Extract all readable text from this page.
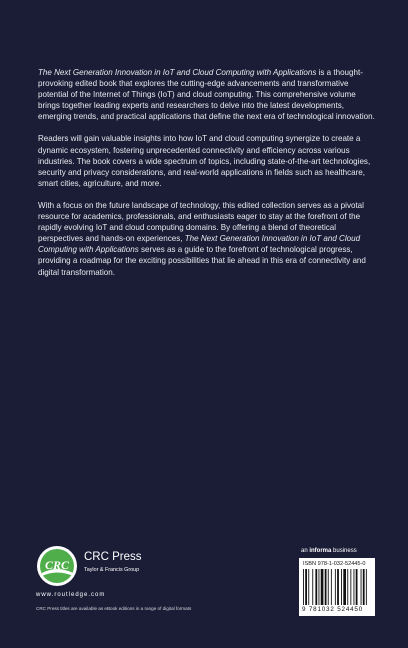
The Next Generation Innovation in IoT and Cloud Computing with Applications is a thought-provoking edited book that explores the cutting-edge advancements and transformative potential of the Internet of Things (IoT) and cloud computing. This comprehensive volume brings together leading experts and researchers to delve into the latest developments, emerging trends, and practical applications that define the next era of technological innovation.

Readers will gain valuable insights into how IoT and cloud computing synergize to create a dynamic ecosystem, fostering unprecedented connectivity and efficiency across various industries. The book covers a wide spectrum of topics, including state-of-the-art technologies, security and privacy considerations, and real-world applications in fields such as healthcare, smart cities, agriculture, and more.

With a focus on the future landscape of technology, this edited collection serves as a pivotal resource for academics, professionals, and enthusiasts eager to stay at the forefront of the rapidly evolving IoT and cloud computing domains. By offering a blend of theoretical perspectives and hands-on experiences, The Next Generation Innovation in IoT and Cloud Computing with Applications serves as a guide to the forefront of technological progress, providing a roadmap for the exciting possibilities that lie ahead in this era of connectivity and digital transformation.

CRC
CRC Press
Taylor & Francis Group
www.routledge.com
CRC Press titles are available as eBook editions in a range of digital formats
an informa business
ISBN 978-1-032-52445-0
9 781032 524450
